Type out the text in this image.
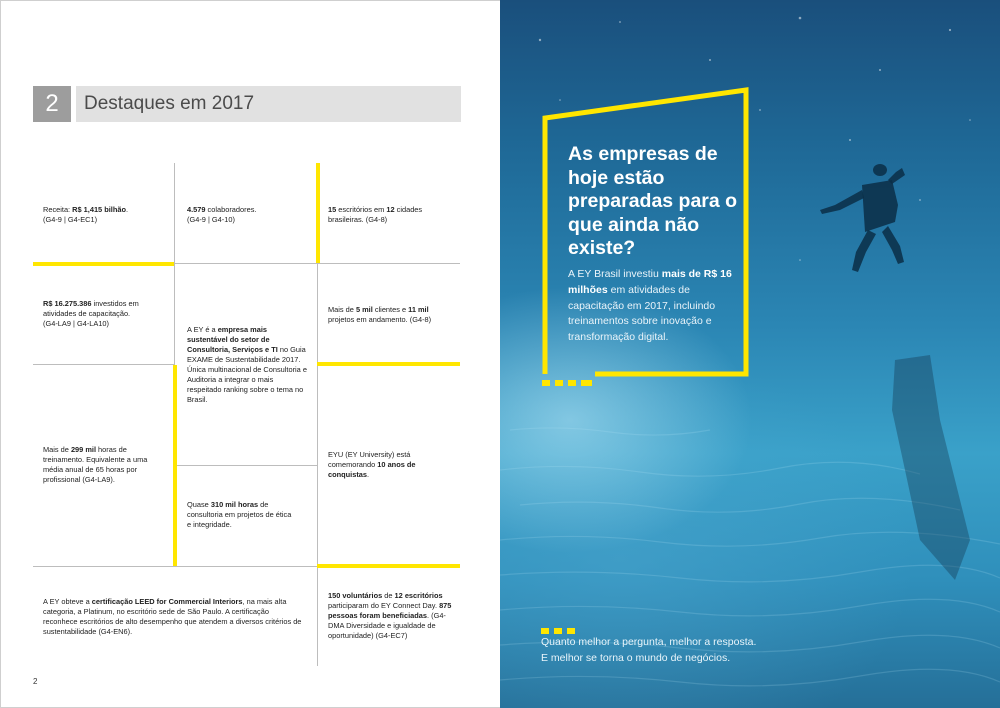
2	Destaques em 2017
Receita: R$ 1,415 bilhão.
(G4-9 | G4-EC1)
4.579 colaboradores.
(G4-9 | G4-10)
15 escritórios em 12 cidades brasileiras. (G4-8)
R$ 16.275.386 investidos em atividades de capacitação.
(G4-LA9 | G4-LA10)
Mais de 5 mil clientes e 11 mil projetos em andamento. (G4-8)
A EY é a empresa mais sustentável do setor de Consultoria, Serviços e TI no Guia EXAME de Sustentabilidade 2017. Única multinacional de Consultoria e Auditoria a integrar o mais respeitado ranking sobre o tema no Brasil.
Mais de 299 mil horas de treinamento. Equivalente a uma média anual de 65 horas por profissional (G4-LA9).
EYU (EY University) está comemorando 10 anos de conquistas.
Quase 310 mil horas de consultoria em projetos de ética e integridade.
A EY obteve a certificação LEED for Commercial Interiors, na mais alta categoria, a Platinum, no escritório sede de São Paulo. A certificação reconhece escritórios de alto desempenho que atendem a diversos critérios de sustentabilidade (G4-EN6).
150 voluntários de 12 escritórios participaram do EY Connect Day. 875 pessoas foram beneficiadas. (G4-DMA Diversidade e igualdade de oportunidade) (G4-EC7)
2
As empresas de hoje estão preparadas para o que ainda não existe?
A EY Brasil investiu mais de R$ 16 milhões em atividades de capacitação em 2017, incluindo treinamentos sobre inovação e transformação digital.
Quanto melhor a pergunta, melhor a resposta.
E melhor se torna o mundo de negócios.
